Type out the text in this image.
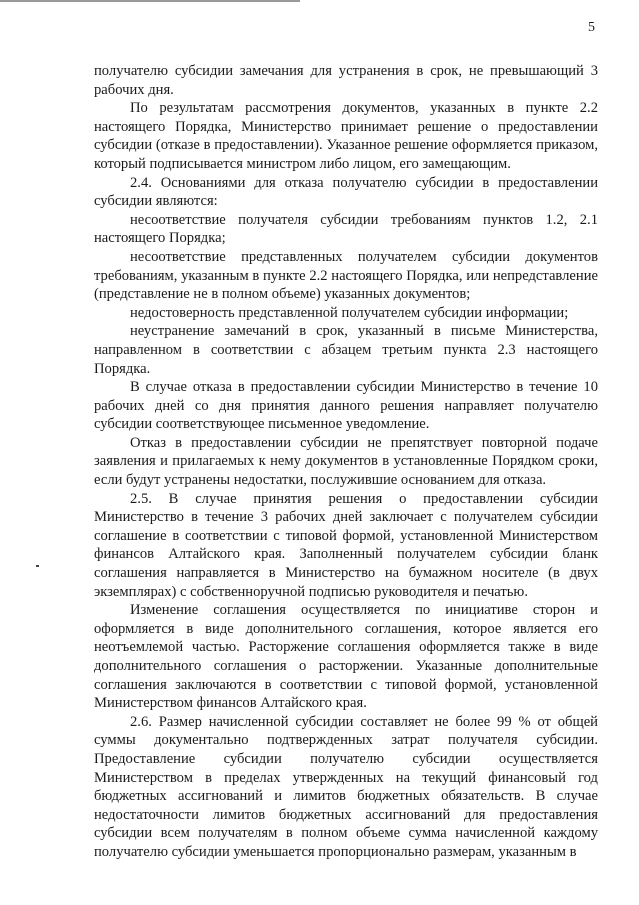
5

получателю субсидии замечания для устранения в срок, не превышающий 3 рабочих дня.

По результатам рассмотрения документов, указанных в пункте 2.2 настоящего Порядка, Министерство принимает решение о предоставлении субсидии (отказе в предоставлении). Указанное решение оформляется приказом, который подписывается министром либо лицом, его замещающим.

2.4. Основаниями для отказа получателю субсидии в предоставлении субсидии являются:

несоответствие получателя субсидии требованиям пунктов 1.2, 2.1 настоящего Порядка;

несоответствие представленных получателем субсидии документов требованиям, указанным в пункте 2.2 настоящего Порядка, или непредставление (представление не в полном объеме) указанных документов;

недостоверность представленной получателем субсидии информации;

неустранение замечаний в срок, указанный в письме Министерства, направленном в соответствии с абзацем третьим пункта 2.3 настоящего Порядка.

В случае отказа в предоставлении субсидии Министерство в течение 10 рабочих дней со дня принятия данного решения направляет получателю субсидии соответствующее письменное уведомление.

Отказ в предоставлении субсидии не препятствует повторной подаче заявления и прилагаемых к нему документов в установленные Порядком сроки, если будут устранены недостатки, послужившие основанием для отказа.

2.5. В случае принятия решения о предоставлении субсидии Министерство в течение 3 рабочих дней заключает с получателем субсидии соглашение в соответствии с типовой формой, установленной Министерством финансов Алтайского края. Заполненный получателем субсидии бланк соглашения направляется в Министерство на бумажном носителе (в двух экземплярах) с собственноручной подписью руководителя и печатью.

Изменение соглашения осуществляется по инициативе сторон и оформляется в виде дополнительного соглашения, которое является его неотъемлемой частью. Расторжение соглашения оформляется также в виде дополнительного соглашения о расторжении. Указанные дополнительные соглашения заключаются в соответствии с типовой формой, установленной Министерством финансов Алтайского края.

2.6. Размер начисленной субсидии составляет не более 99 % от общей суммы документально подтвержденных затрат получателя субсидии. Предоставление субсидии получателю субсидии осуществляется Министерством в пределах утвержденных на текущий финансовый год бюджетных ассигнований и лимитов бюджетных обязательств. В случае недостаточности лимитов бюджетных ассигнований для предоставления субсидии всем получателям в полном объеме сумма начисленной каждому получателю субсидии уменьшается пропорционально размерам, указанным в
